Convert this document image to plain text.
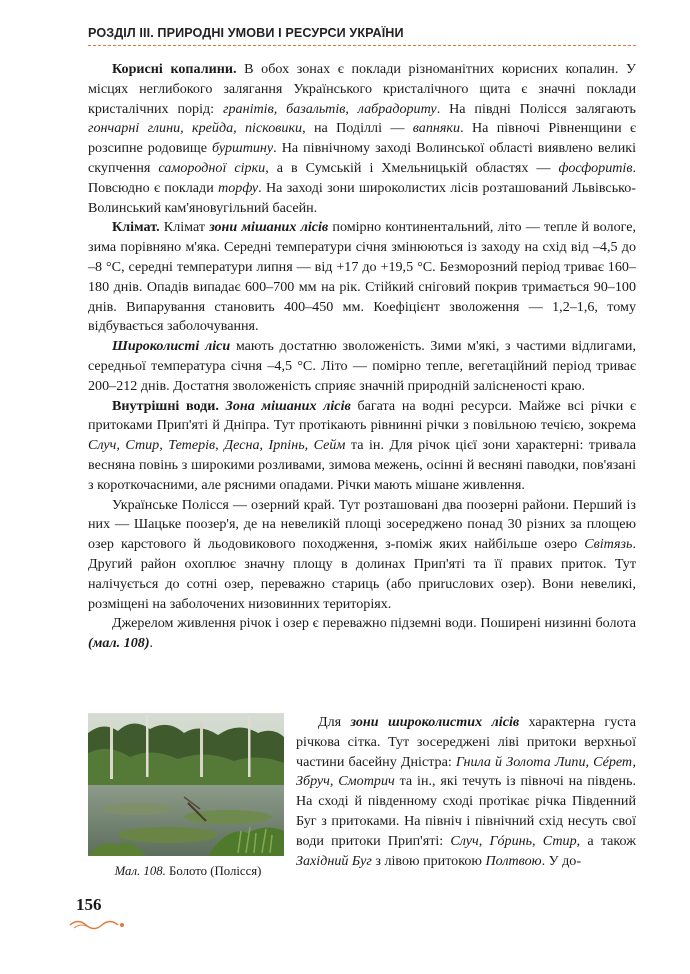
РОЗДІЛ ІІІ. ПРИРОДНІ УМОВИ І РЕСУРСИ УКРАЇНИ

Корисні копалини. В обох зонах є поклади різноманітних корисних копалин. У місцях неглибокого залягання Українського кристалічного щита є значні поклади кристалічних порід: гранітів, базальтів, лабрадориту. На півдні Полісся залягають гончарні глини, крейда, пісковики, на Поділлі — вапняки. На півночі Рівненщини є розсипне родовище бурштину. На північному заході Волинської області виявлено великі скупчення самородної сірки, а в Сумській і Хмельницькій областях — фосфоритів. Повсюдно є поклади торфу. На заході зони широколистих лісів розташований Львівсько-Волинський кам'яновугільний басейн.

Клімат. Клімат зони мішаних лісів помірно континентальний, літо — тепле й вологе, зима порівняно м'яка. Середні температури січня змінюються із заходу на схід від –4,5 до –8 °С, середні температури липня — від +17 до +19,5 °С. Безморозний період триває 160–180 днів. Опадів випадає 600–700 мм на рік. Стійкий сніговий покрив тримається 90–100 днів. Випарування становить 400–450 мм. Коефіцієнт зволоження — 1,2–1,6, тому відбувається заболочування.

Широколисті ліси мають достатню зволоженість. Зими м'які, з частими відлигами, середньої температура січня –4,5 °С. Літо — помірно тепле, вегетаційний період триває 200–212 днів. Достатня зволоженість сприяє значній природній залісненості краю.

Внутрішні води. Зона мішаних лісів багата на водні ресурси. Майже всі річки є притоками Прип'яті й Дніпра. Тут протікають рівнинні річки з повільною течією, зокрема Случ, Стир, Тетерів, Десна, Ірпінь, Сейм та ін. Для річок цієї зони характерні: тривала весняна повінь з широкими розливами, зимова межень, осінні й весняні паводки, пов'язані з короткочасними, але рясними опадами. Річки мають мішане живлення.

Українське Полісся — озерний край. Тут розташовані два поозерні райони. Перший із них — Шацьке поозер'я, де на невеликій площі зосереджено понад 30 різних за площею озер карстового й льодовикового походження, з-поміж яких найбільше озеро Світязь. Другий район охоплює значну площу в долинах Прип'яті та її правих приток. Тут налічується до сотні озер, переважно стариць (або приruслових озер). Вони невеликі, розміщені на заболочених низовинних територіях.

Джерелом живлення річок і озер є переважно підземні води. Поширені низинні болота (мал. 108).

Мал. 108. Болото (Полісся)

Для зони широколистих лісів характерна густа річкова сітка. Тут зосереджені ліві притоки верхньої частини басейну Дністра: Гнила й Золота Липи, Сéрет, Збруч, Смотрич та ін., які течуть із півночі на південь. На сході й південному сході протікає річка Південний Буг з притоками. На північ і північний схід несуть свої води притоки Прип'яті: Случ, Гóринь, Стир, а також Західний Буг з лівою притокою Полтвою. У до-

156
